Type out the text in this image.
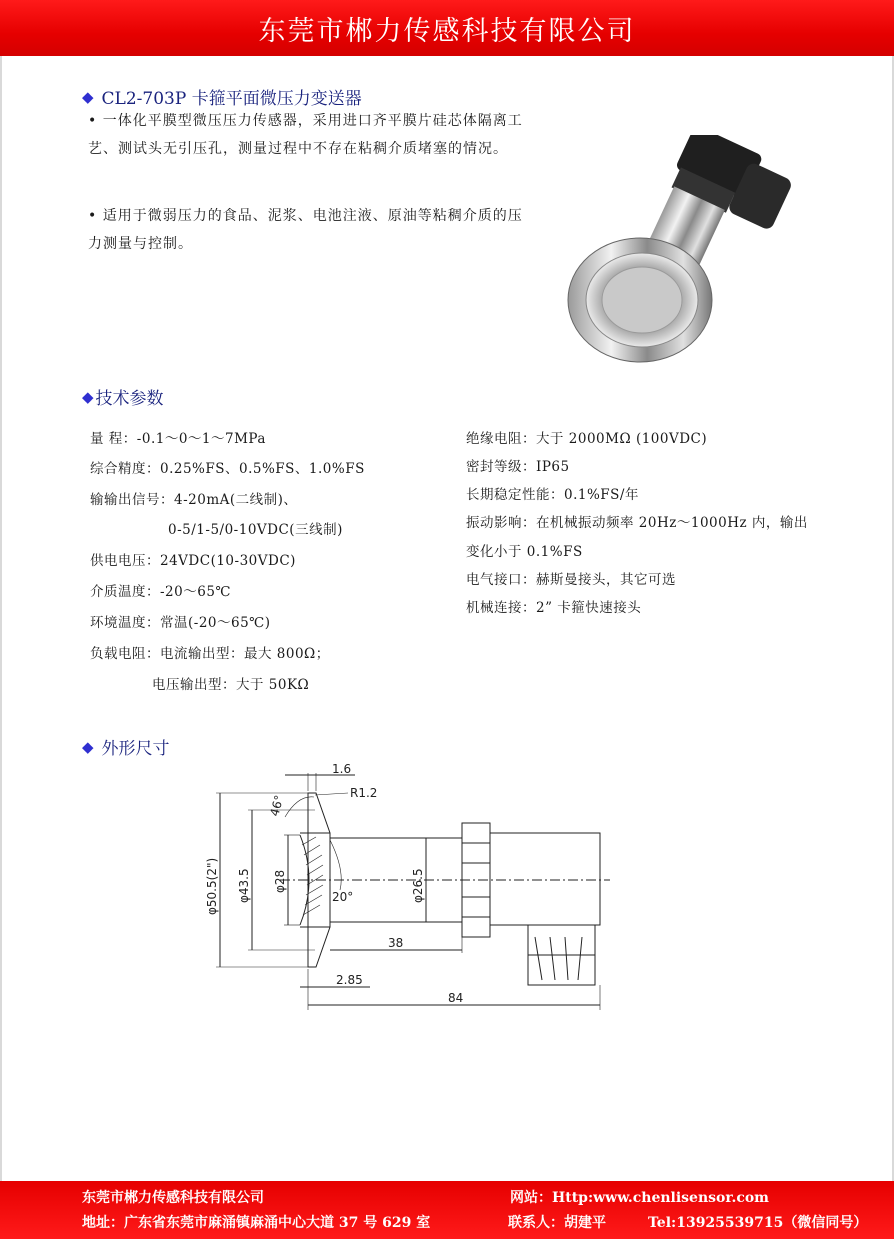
东莞市郴力传感科技有限公司
◆ CL2-703P 卡箍平面微压力变送器
• 一体化平膜型微压压力传感器，采用进口齐平膜片硅芯体隔离工艺、测试头无引压孔，测量过程中不存在粘稠介质堵塞的情况。
• 适用于微弱压力的食品、泥浆、电池注液、原油等粘稠介质的压力测量与控制。
◆ 技术参数
量 程：-0.1～0～1～7MPa
综合精度：0.25%FS、0.5%FS、1.0%FS
输输出信号：4-20mA(二线制)、
0-5/1-5/0-10VDC(三线制)
供电电压：24VDC(10-30VDC)
介质温度：-20～65℃
环境温度：常温(-20～65℃)
负载电阻：电流输出型：最大 800Ω；
电压输出型：大于 50KΩ
绝缘电阻：大于 2000MΩ (100VDC)
密封等级：IP65
长期稳定性能：0.1%FS/年
振动影响：在机械振动频率 20Hz～1000Hz 内，输出
变化小于 0.1%FS
电气接口：赫斯曼接头，其它可选
机械连接：2” 卡箍快速接头
◆ 外形尺寸
1.6
R1.2
46°
20°
φ50.5(2") φ43.5 φ28	φ26.5
38
2.85
84
东莞市郴力传感科技有限公司	网站：Http:www.chenlisensor.com
地址：广东省东莞市麻涌镇麻涌中心大道 37 号 629 室	联系人：胡建平	Tel:13925539715（微信同号）
